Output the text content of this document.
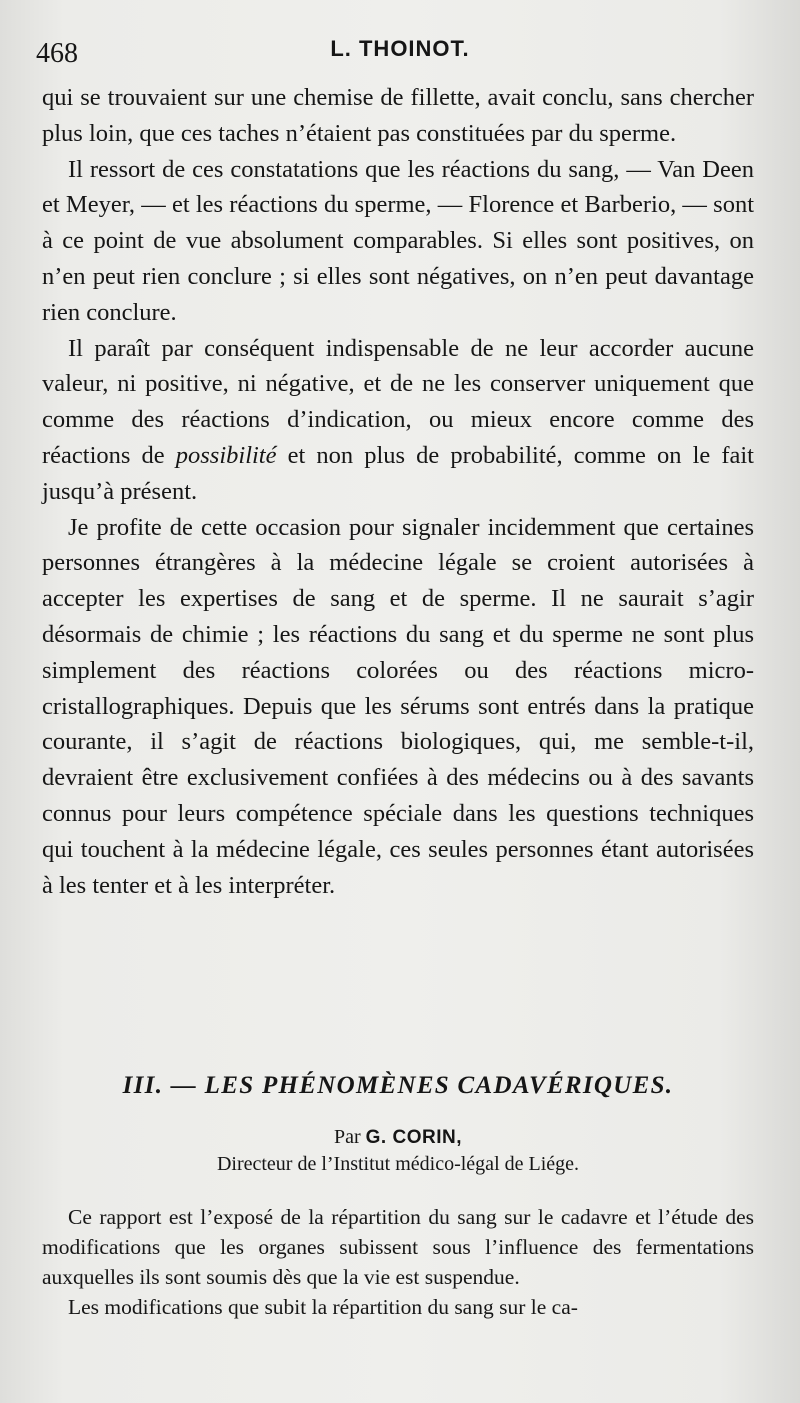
468	L. THOINOT.

qui se trouvaient sur une chemise de fillette, avait conclu, sans chercher plus loin, que ces taches n’étaient pas constituées par du sperme.

Il ressort de ces constatations que les réactions du sang, — Van Deen et Meyer, — et les réactions du sperme, — Florence et Barberio, — sont à ce point de vue absolument comparables. Si elles sont positives, on n’en peut rien conclure ; si elles sont négatives, on n’en peut davantage rien conclure.

Il paraît par conséquent indispensable de ne leur accorder aucune valeur, ni positive, ni négative, et de ne les conserver uniquement que comme des réactions d’indication, ou mieux encore comme des réactions de possibilité et non plus de probabilité, comme on le fait jusqu’à présent.

Je profite de cette occasion pour signaler incidemment que certaines personnes étrangères à la médecine légale se croient autorisées à accepter les expertises de sang et de sperme. Il ne saurait s’agir désormais de chimie ; les réactions du sang et du sperme ne sont plus simplement des réactions colorées ou des réactions micro-cristallographiques. Depuis que les sérums sont entrés dans la pratique courante, il s’agit de réactions biologiques, qui, me semble-t-il, devraient être exclusivement confiées à des médecins ou à des savants connus pour leurs compétence spéciale dans les questions techniques qui touchent à la médecine légale, ces seules personnes étant autorisées à les tenter et à les interpréter.

III. — LES PHÉNOMÈNES CADAVÉRIQUES.

Par G. CORIN,

Directeur de l’Institut médico-légal de Liége.

Ce rapport est l’exposé de la répartition du sang sur le cadavre et l’étude des modifications que les organes subissent sous l’influence des fermentations auxquelles ils sont soumis dès que la vie est suspendue.

Les modifications que subit la répartition du sang sur le ca-
